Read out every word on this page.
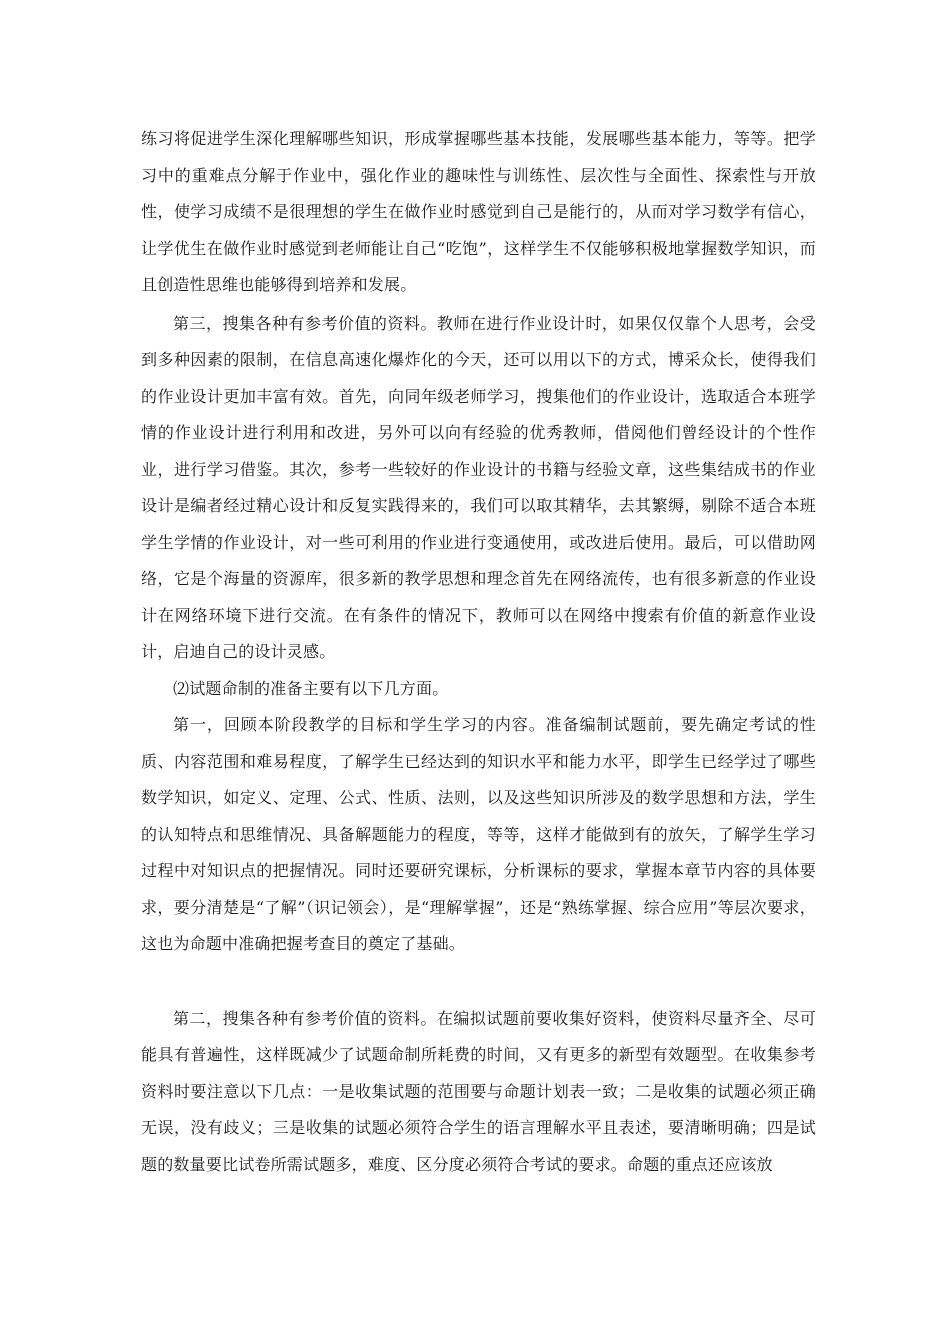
练习将促进学生深化理解哪些知识，形成掌握哪些基本技能，发展哪些基本能力，等等。把学习中的重难点分解于作业中，强化作业的趣味性与训练性、层次性与全面性、探索性与开放性，使学习成绩不是很理想的学生在做作业时感觉到自己是能行的，从而对学习数学有信心，让学优生在做作业时感觉到老师能让自己“吃饱”，这样学生不仅能够积极地掌握数学知识，而且创造性思维也能够得到培养和发展。

第三，搜集各种有参考价值的资料。教师在进行作业设计时，如果仅仅靠个人思考，会受到多种因素的限制，在信息高速化爆炸化的今天，还可以用以下的方式，博采众长，使得我们的作业设计更加丰富有效。首先，向同年级老师学习，搜集他们的作业设计，选取适合本班学情的作业设计进行利用和改进，另外可以向有经验的优秀教师，借阅他们曾经设计的个性作业，进行学习借鉴。其次，参考一些较好的作业设计的书籍与经验文章，这些集结成书的作业设计是编者经过精心设计和反复实践得来的，我们可以取其精华，去其繁缛，剔除不适合本班学生学情的作业设计，对一些可利用的作业进行变通使用，或改进后使用。最后，可以借助网络，它是个海量的资源库，很多新的教学思想和理念首先在网络流传，也有很多新意的作业设计在网络环境下进行交流。在有条件的情况下，教师可以在网络中搜索有价值的新意作业设计，启迪自己的设计灵感。

⑵试题命制的准备主要有以下几方面。

第一，回顾本阶段教学的目标和学生学习的内容。准备编制试题前，要先确定考试的性质、内容范围和难易程度，了解学生已经达到的知识水平和能力水平，即学生已经学过了哪些数学知识，如定义、定理、公式、性质、法则，以及这些知识所涉及的数学思想和方法，学生的认知特点和思维情况、具备解题能力的程度，等等，这样才能做到有的放矢，了解学生学习过程中对知识点的把握情况。同时还要研究课标，分析课标的要求，掌握本章节内容的具体要求，要分清楚是“了解”（识记领会），是“理解掌握”，还是“熟练掌握、综合应用”等层次要求，这也为命题中准确把握考查目的奠定了基础。

第二，搜集各种有参考价值的资料。在编拟试题前要收集好资料，使资料尽量齐全、尽可能具有普遍性，这样既减少了试题命制所耗费的时间，又有更多的新型有效题型。在收集参考资料时要注意以下几点：一是收集试题的范围要与命题计划表一致；二是收集的试题必须正确无误，没有歧义；三是收集的试题必须符合学生的语言理解水平且表述，要清晰明确；四是试题的数量要比试卷所需试题多，难度、区分度必须符合考试的要求。命题的重点还应该放
